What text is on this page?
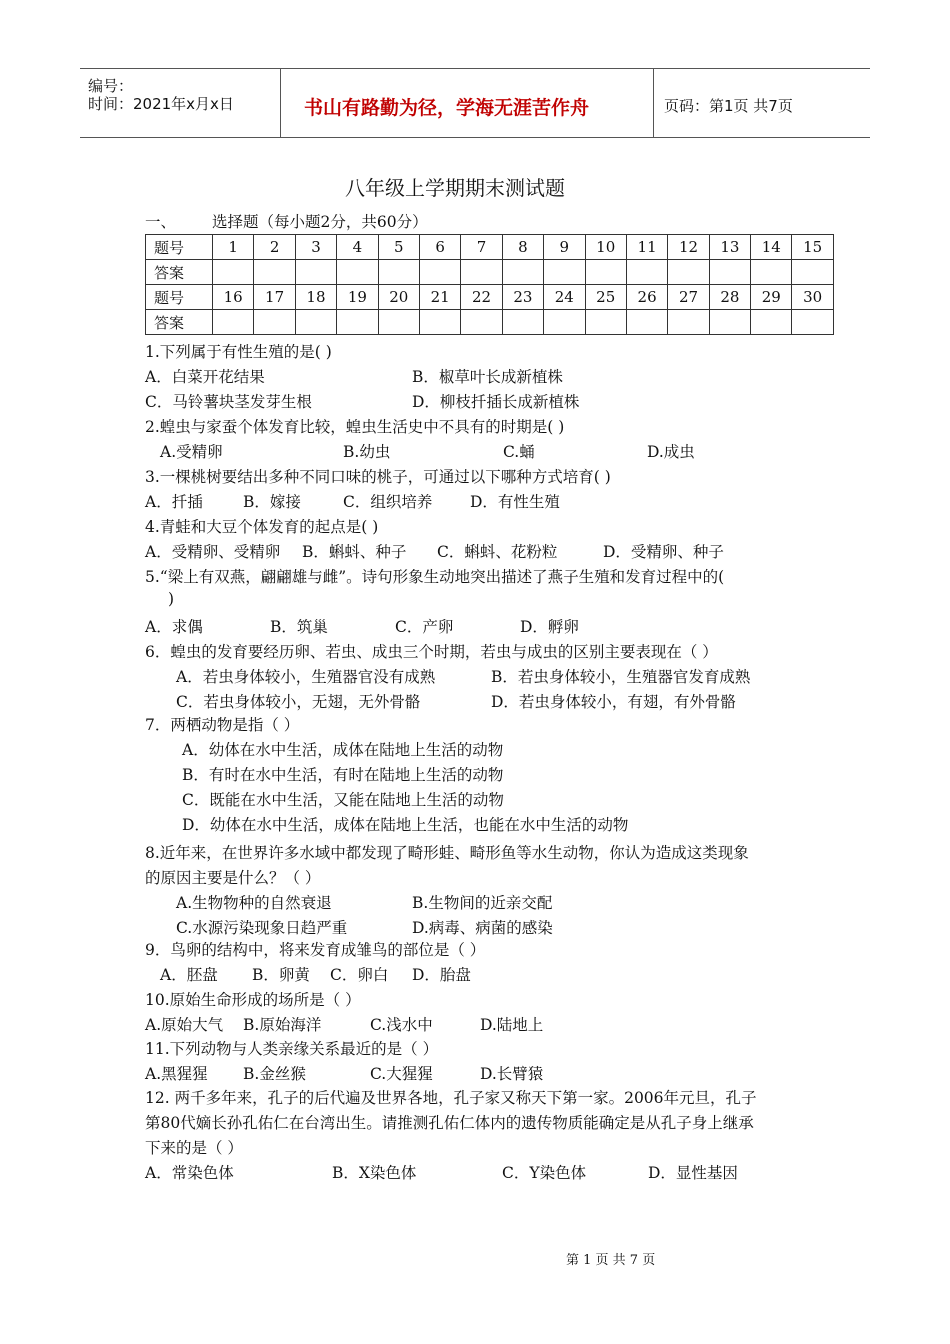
编号：
时间：2021年x月x日	书山有路勤为径，学海无涯苦作舟	页码：第1页 共7页
八年级上学期期末测试题
一、 选择题（每小题2分，共60分）
题号	1	2	3	4	5	6	7	8	9	10	11	12	13	14	15
答案															
题号	16	17	18	19	20	21	22	23	24	25	26	27	28	29	30
答案															
1.下列属于有性生殖的是( )
A．白菜开花结果	B．椒草叶长成新植株
C．马铃薯块茎发芽生根	D．柳枝扦插长成新植株
2.蝗虫与家蚕个体发育比较，蝗虫生活史中不具有的时期是( )
A.受精卵	B.幼虫	C.蛹	D.成虫
3.一棵桃树要结出多种不同口味的桃子，可通过以下哪种方式培育( )
A．扦插	B．嫁接	C．组织培养 D．有性生殖
4.青蛙和大豆个体发育的起点是( )
A．受精卵、受精卵 B．蝌蚪、种子 C．蝌蚪、花粉粒	D．受精卵、种子
5.“梁上有双燕，翩翩雄与雌”。诗句形象生动地突出描述了燕子生殖和发育过程中的(
)
A．求偶	B．筑巢	C．产卵	D．孵卵
6．蝗虫的发育要经历卵、若虫、成虫三个时期，若虫与成虫的区别主要表现在（ ）
A．若虫身体较小，生殖器官没有成熟	B．若虫身体较小，生殖器官发育成熟
C．若虫身体较小，无翅，无外骨骼	D．若虫身体较小，有翅，有外骨骼
7．两栖动物是指（ ）
A．幼体在水中生活，成体在陆地上生活的动物
B．有时在水中生活，有时在陆地上生活的动物
C．既能在水中生活，又能在陆地上生活的动物
D．幼体在水中生活，成体在陆地上生活，也能在水中生活的动物
8.近年来，在世界许多水域中都发现了畸形蛙、畸形鱼等水生动物，你认为造成这类现象
的原因主要是什么？（ ）
A.生物物种的自然衰退	B.生物间的近亲交配
C.水源污染现象日趋严重	D.病毒、病菌的感染
9．鸟卵的结构中，将来发育成雏鸟的部位是（ ）
A．胚盘 B．卵黄 C．卵白 D．胎盘
10.原始生命形成的场所是（ ）
A.原始大气 B.原始海洋	C.浅水中	D.陆地上
11.下列动物与人类亲缘关系最近的是（ ）
A.黑猩猩 B.金丝猴	C.大猩猩	D.长臂猿
12. 两千多年来，孔子的后代遍及世界各地，孔子家又称天下第一家。2006年元旦，孔子
第80代嫡长孙孔佑仁在台湾出生。请推测孔佑仁体内的遗传物质能确定是从孔子身上继承
下来的是（ ）
A．常染色体	B．X染色体	C．Y染色体	D．显性基因
第 1 页 共 7 页
